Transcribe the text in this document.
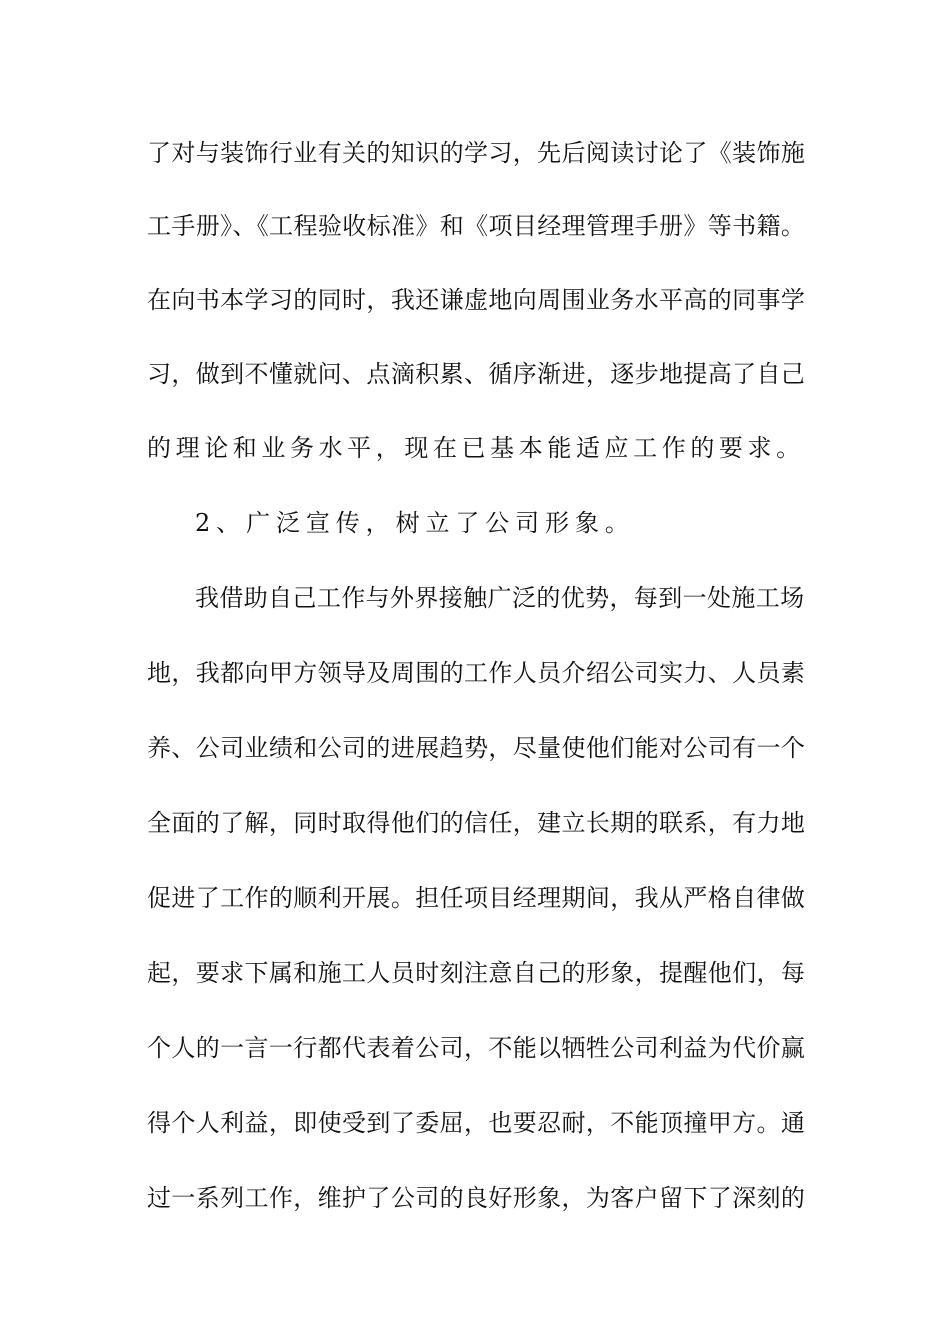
了对与装饰行业有关的知识的学习，先后阅读讨论了《装饰施
工手册》、《工程验收标准》和《项目经理管理手册》等书籍。
在向书本学习的同时，我还谦虚地向周围业务水平高的同事学
习，做到不懂就问、点滴积累、循序渐进，逐步地提高了自己
的理论和业务水平，现在已基本能适应工作的要求。
2、广泛宣传，树立了公司形象。
我借助自己工作与外界接触广泛的优势，每到一处施工场
地，我都向甲方领导及周围的工作人员介绍公司实力、人员素
养、公司业绩和公司的进展趋势，尽量使他们能对公司有一个
全面的了解，同时取得他们的信任，建立长期的联系，有力地
促进了工作的顺利开展。担任项目经理期间，我从严格自律做
起，要求下属和施工人员时刻注意自己的形象，提醒他们，每
个人的一言一行都代表着公司，不能以牺牲公司利益为代价赢
得个人利益，即使受到了委屈，也要忍耐，不能顶撞甲方。通
过一系列工作，维护了公司的良好形象，为客户留下了深刻的
